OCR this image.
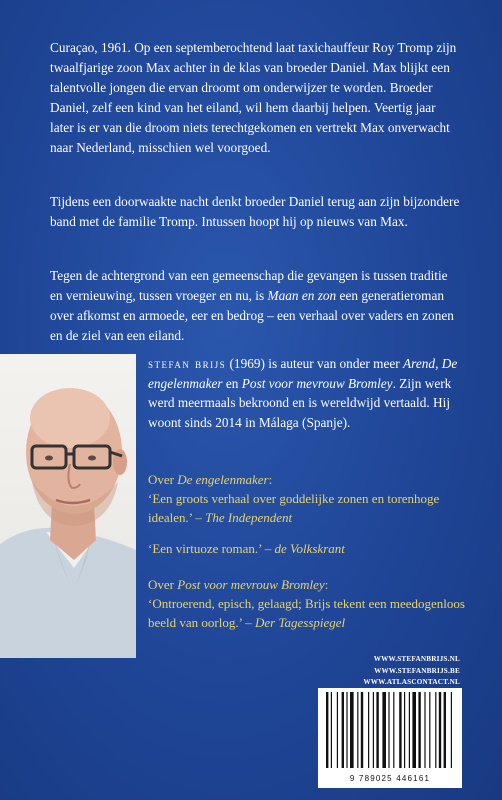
Curaçao, 1961. Op een septemberochtend laat taxichauffeur Roy Tromp zijn twaalfjarige zoon Max achter in de klas van broeder Daniel. Max blijkt een talentvolle jongen die ervan droomt om onderwijzer te worden. Broeder Daniel, zelf een kind van het eiland, wil hem daarbij helpen. Veertig jaar later is er van die droom niets terechtgekomen en vertrekt Max onverwacht naar Nederland, misschien wel voorgoed.

Tijdens een doorwaakte nacht denkt broeder Daniel terug aan zijn bijzondere band met de familie Tromp. Intussen hoopt hij op nieuws van Max.

Tegen de achtergrond van een gemeenschap die gevangen is tussen traditie en vernieuwing, tussen vroeger en nu, is Maan en zon een generatieroman over afkomst en armoede, eer en bedrog – een verhaal over vaders en zonen en de ziel van een eiland.

stefan brijs (1969) is auteur van onder meer Arend, De engelenmaker en Post voor mevrouw Bromley. Zijn werk werd meermaals bekroond en is wereldwijd vertaald. Hij woont sinds 2014 in Málaga (Spanje).

Over De engelenmaker:
‘Een groots verhaal over goddelijke zonen en torenhoge idealen.’ – The Independent

‘Een virtuoze roman.’ – de Volkskrant

Over Post voor mevrouw Bromley:
‘Ontroerend, episch, gelaagd; Brijs tekent een meedogenloos beeld van oorlog.’ – Der Tagesspiegel

WWW.STEFANBRIJS.NL
WWW.STEFANBRIJS.BE
WWW.ATLASCONTACT.NL
9 789025 446161
